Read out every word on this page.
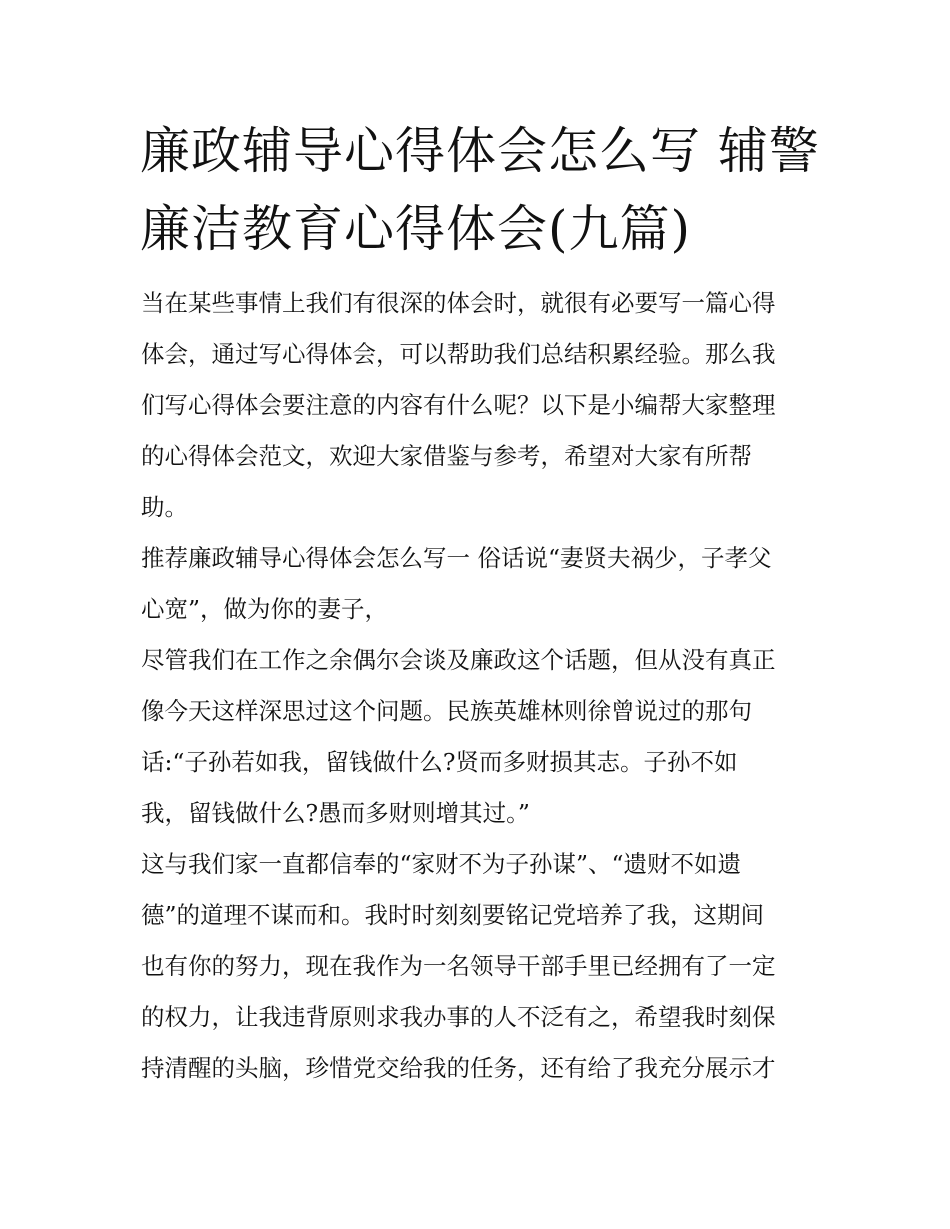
廉政辅导心得体会怎么写 辅警
廉洁教育心得体会(九篇)
当在某些事情上我们有很深的体会时，就很有必要写一篇心得
体会，通过写心得体会，可以帮助我们总结积累经验。那么我
们写心得体会要注意的内容有什么呢？以下是小编帮大家整理
的心得体会范文，欢迎大家借鉴与参考，希望对大家有所帮
助。
推荐廉政辅导心得体会怎么写一 俗话说“妻贤夫祸少，子孝父
心宽”，做为你的妻子，
尽管我们在工作之余偶尔会谈及廉政这个话题，但从没有真正
像今天这样深思过这个问题。民族英雄林则徐曾说过的那句
话:“子孙若如我，留钱做什么?贤而多财损其志。子孙不如
我，留钱做什么?愚而多财则增其过。”
这与我们家一直都信奉的“家财不为子孙谋”、“遗财不如遗
德”的道理不谋而和。我时时刻刻要铭记党培养了我，这期间
也有你的努力，现在我作为一名领导干部手里已经拥有了一定
的权力，让我违背原则求我办事的人不泛有之，希望我时刻保
持清醒的头脑，珍惜党交给我的任务，还有给了我充分展示才
